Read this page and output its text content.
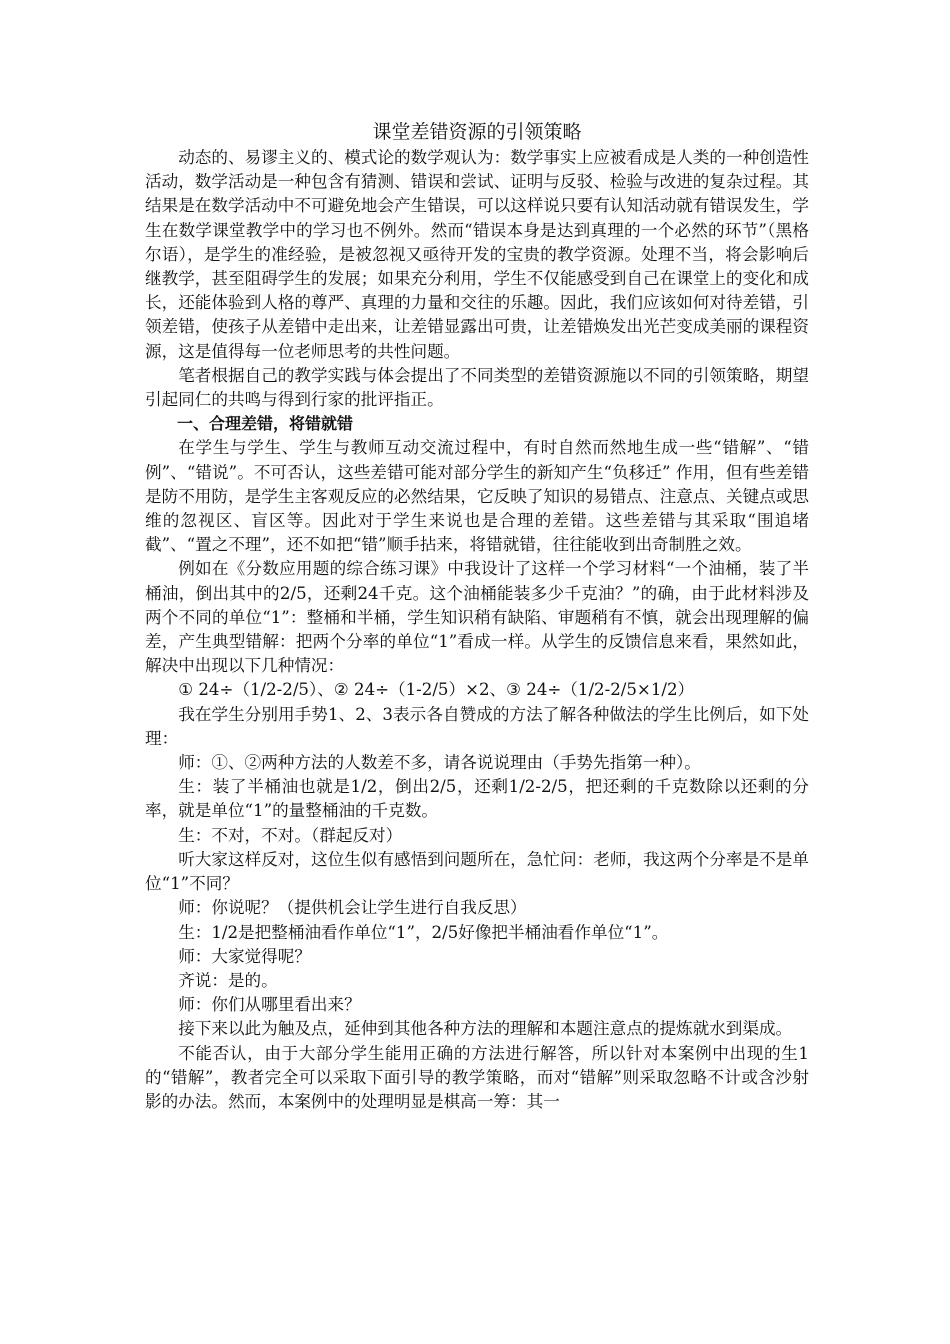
课堂差错资源的引领策略

动态的、易谬主义的、模式论的数学观认为：数学事实上应被看成是人类的一种创造性活动，数学活动是一种包含有猜测、错误和尝试、证明与反驳、检验与改进的复杂过程。其结果是在数学活动中不可避免地会产生错误，可以这样说只要有认知活动就有错误发生，学生在数学课堂教学中的学习也不例外。然而“错误本身是达到真理的一个必然的环节”（黑格尔语），是学生的准经验，是被忽视又亟待开发的宝贵的教学资源。处理不当，将会影响后继教学，甚至阻碍学生的发展；如果充分利用，学生不仅能感受到自己在课堂上的变化和成长，还能体验到人格的尊严、真理的力量和交往的乐趣。因此，我们应该如何对待差错，引领差错，使孩子从差错中走出来，让差错显露出可贵，让差错焕发出光芒变成美丽的课程资源，这是值得每一位老师思考的共性问题。

笔者根据自己的教学实践与体会提出了不同类型的差错资源施以不同的引领策略，期望引起同仁的共鸣与得到行家的批评指正。

一、合理差错，将错就错

在学生与学生、学生与教师互动交流过程中，有时自然而然地生成一些“错解”、“错例”、“错说”。不可否认，这些差错可能对部分学生的新知产生“负移迁” 作用，但有些差错是防不用防，是学生主客观反应的必然结果，它反映了知识的易错点、注意点、关键点或思维的忽视区、盲区等。因此对于学生来说也是合理的差错。这些差错与其采取“围追堵截”、“置之不理”，还不如把“错”顺手拈来，将错就错，往往能收到出奇制胜之效。

例如在《分数应用题的综合练习课》中我设计了这样一个学习材料“一个油桶，装了半桶油，倒出其中的2/5，还剩24千克。这个油桶能装多少千克油？”的确，由于此材料涉及两个不同的单位“1”：整桶和半桶，学生知识稍有缺陷、审题稍有不慎，就会出现理解的偏差，产生典型错解：把两个分率的单位“1”看成一样。从学生的反馈信息来看，果然如此，解决中出现以下几种情况：

① 24÷（1/2-2/5）、② 24÷（1-2/5）×2、③ 24÷（1/2-2/5×1/2）

我在学生分别用手势1、2、3表示各自赞成的方法了解各种做法的学生比例后，如下处理：

师：①、②两种方法的人数差不多，请各说说理由（手势先指第一种）。

生：装了半桶油也就是1/2，倒出2/5，还剩1/2-2/5，把还剩的千克数除以还剩的分率，就是单位“1”的量整桶油的千克数。

生：不对，不对。（群起反对）

听大家这样反对，这位生似有感悟到问题所在，急忙问：老师，我这两个分率是不是单位“1”不同？

师：你说呢？（提供机会让学生进行自我反思）

生：1/2是把整桶油看作单位“1”，2/5好像把半桶油看作单位“1”。

师：大家觉得呢？

齐说：是的。

师：你们从哪里看出来？

接下来以此为触及点，延伸到其他各种方法的理解和本题注意点的提炼就水到渠成。

不能否认，由于大部分学生能用正确的方法进行解答，所以针对本案例中出现的生1的“错解”，教者完全可以采取下面引导的教学策略，而对“错解”则采取忽略不计或含沙射影的办法。然而，本案例中的处理明显是棋高一筹：其一
